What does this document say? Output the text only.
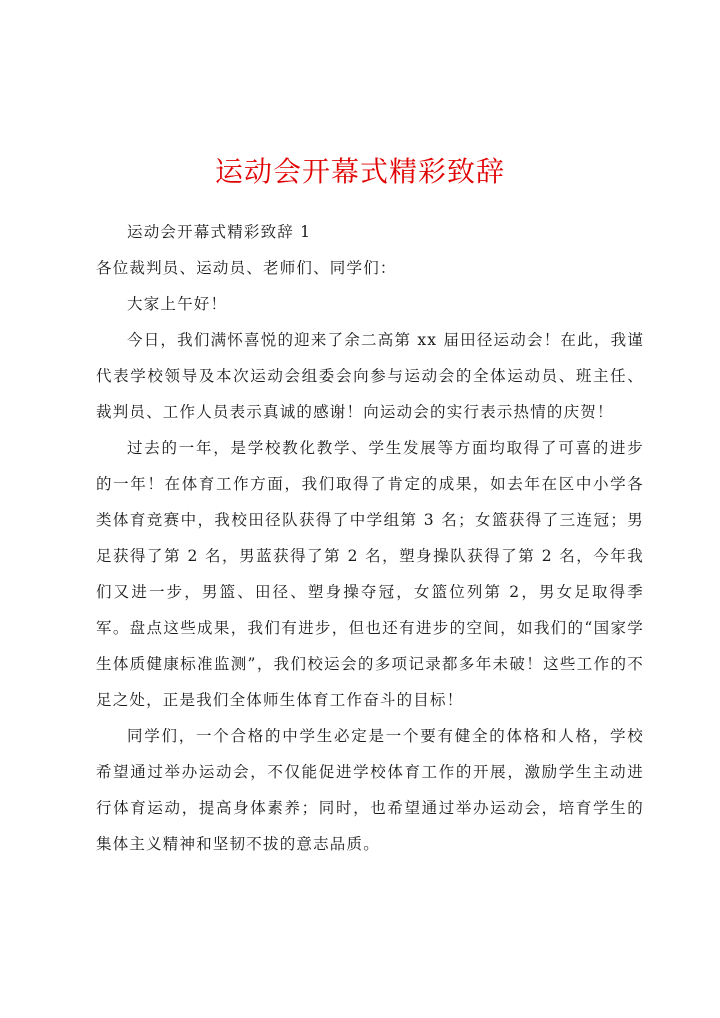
运动会开幕式精彩致辞

运动会开幕式精彩致辞 1

各位裁判员、运动员、老师们、同学们：

大家上午好！

今日，我们满怀喜悦的迎来了余二高第 xx 届田径运动会！在此，我谨代表学校领导及本次运动会组委会向参与运动会的全体运动员、班主任、裁判员、工作人员表示真诚的感谢！向运动会的实行表示热情的庆贺！

过去的一年，是学校教化教学、学生发展等方面均取得了可喜的进步的一年！在体育工作方面，我们取得了肯定的成果，如去年在区中小学各类体育竞赛中，我校田径队获得了中学组第 3 名；女篮获得了三连冠；男足获得了第 2 名，男蓝获得了第 2 名，塑身操队获得了第 2 名，今年我们又进一步，男篮、田径、塑身操夺冠，女篮位列第 2，男女足取得季军。盘点这些成果，我们有进步，但也还有进步的空间，如我们的“国家学生体质健康标准监测”，我们校运会的多项记录都多年未破！这些工作的不足之处，正是我们全体师生体育工作奋斗的目标！

同学们，一个合格的中学生必定是一个要有健全的体格和人格，学校希望通过举办运动会，不仅能促进学校体育工作的开展，激励学生主动进行体育运动，提高身体素养；同时，也希望通过举办运动会，培育学生的集体主义精神和坚韧不拔的意志品质。
